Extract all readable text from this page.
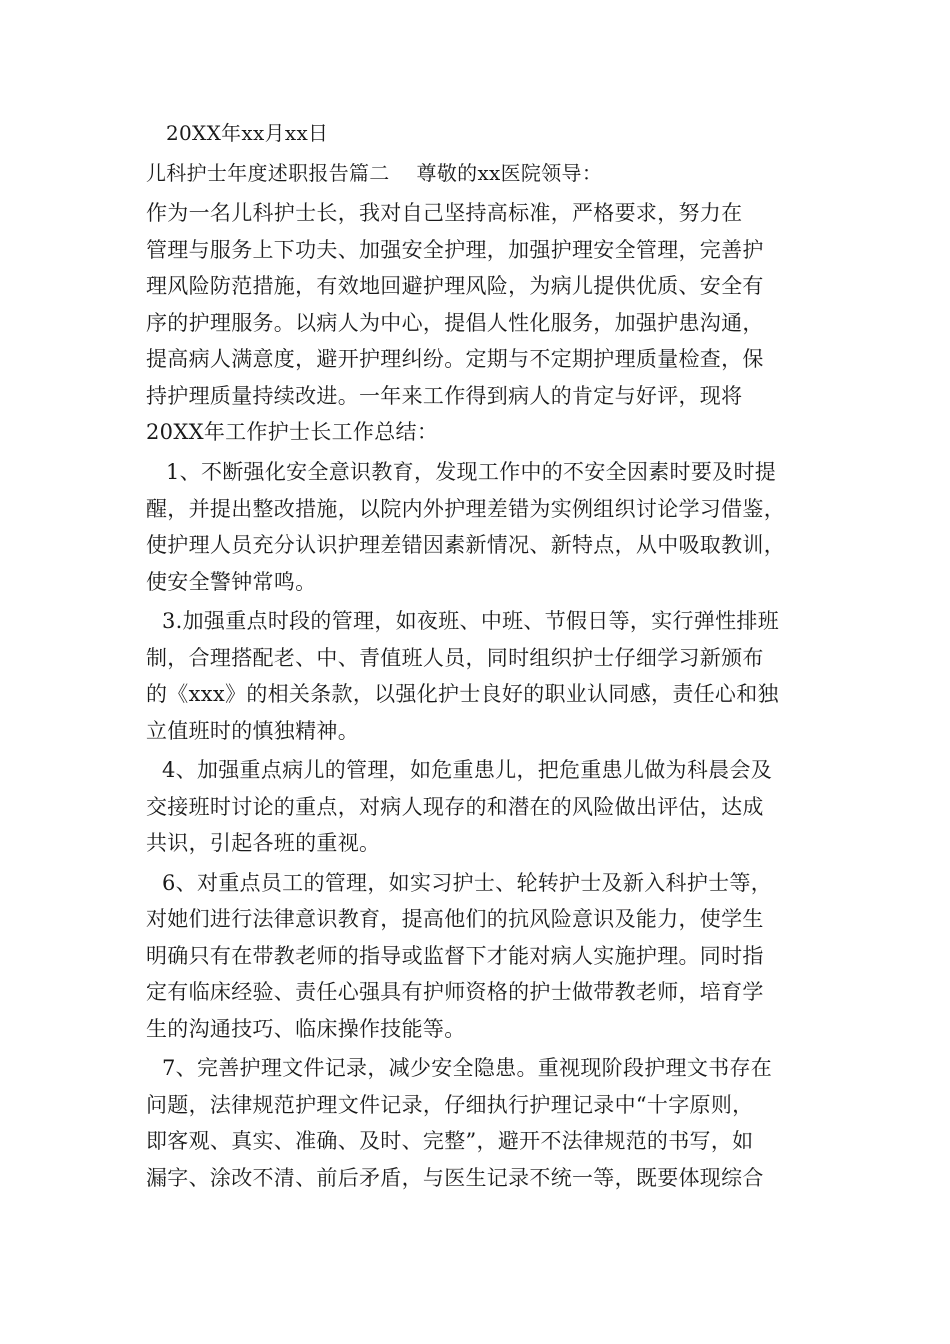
20XX年xx月xx日
儿科护士年度述职报告篇二　 尊敬的xx医院领导：
作为一名儿科护士长，我对自己坚持高标准，严格要求，努力在
管理与服务上下功夫、加强安全护理，加强护理安全管理，完善护
理风险防范措施，有效地回避护理风险，为病儿提供优质、安全有
序的护理服务。以病人为中心，提倡人性化服务，加强护患沟通，
提高病人满意度，避开护理纠纷。定期与不定期护理质量检查，保
持护理质量持续改进。一年来工作得到病人的肯定与好评，现将
20XX年工作护士长工作总结：
1、不断强化安全意识教育，发现工作中的不安全因素时要及时提
醒，并提出整改措施，以院内外护理差错为实例组织讨论学习借鉴，
使护理人员充分认识护理差错因素新情况、新特点，从中吸取教训，
使安全警钟常鸣。
3.加强重点时段的管理，如夜班、中班、节假日等，实行弹性排班
制，合理搭配老、中、青值班人员，同时组织护士仔细学习新颁布
的《xxx》的相关条款，以强化护士良好的职业认同感，责任心和独
立值班时的慎独精神。
4、加强重点病儿的管理，如危重患儿，把危重患儿做为科晨会及
交接班时讨论的重点，对病人现存的和潜在的风险做出评估，达成
共识，引起各班的重视。
6、对重点员工的管理，如实习护士、轮转护士及新入科护士等，
对她们进行法律意识教育，提高他们的抗风险意识及能力，使学生
明确只有在带教老师的指导或监督下才能对病人实施护理。同时指
定有临床经验、责任心强具有护师资格的护士做带教老师，培育学
生的沟通技巧、临床操作技能等。
7、完善护理文件记录，减少安全隐患。重视现阶段护理文书存在
问题，法律规范护理文件记录，仔细执行护理记录中“十字原则，
即客观、真实、准确、及时、完整”，避开不法律规范的书写，如
漏字、涂改不清、前后矛盾，与医生记录不统一等，既要体现综合
